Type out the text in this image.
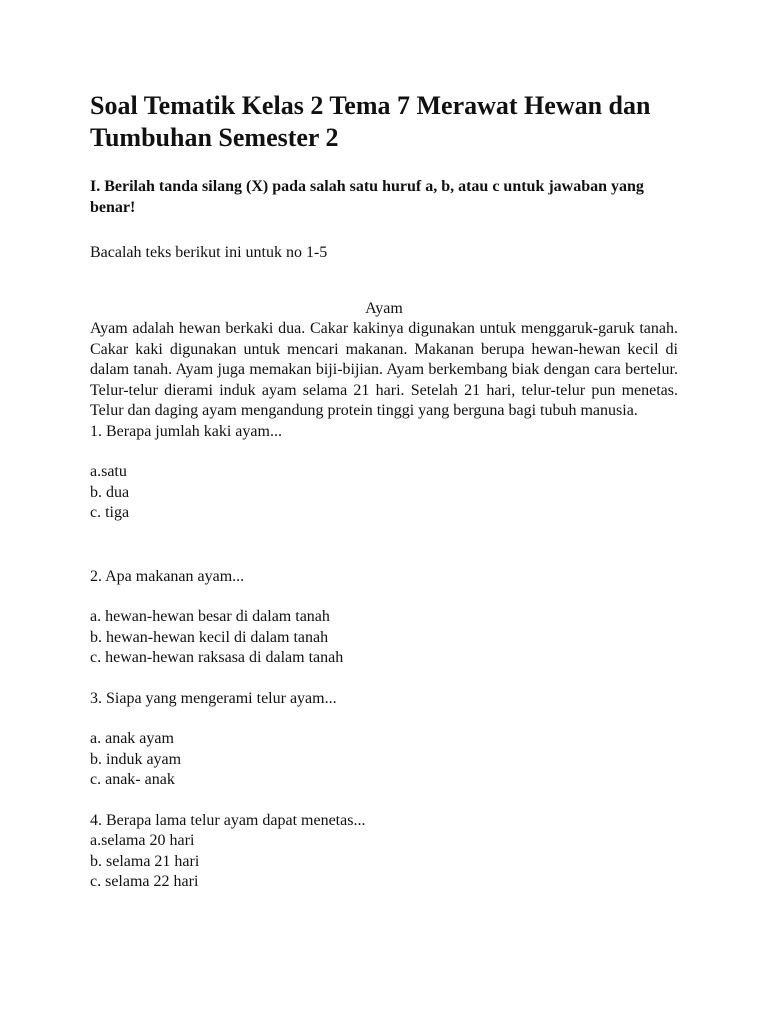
Soal Tematik Kelas 2 Tema 7 Merawat Hewan dan Tumbuhan Semester 2

I. Berilah tanda silang (X) pada salah satu huruf a, b, atau c untuk jawaban yang benar!

Bacalah teks berikut ini untuk no 1-5

Ayam

Ayam adalah hewan berkaki dua. Cakar kakinya digunakan untuk menggaruk-garuk tanah. Cakar kaki digunakan untuk mencari makanan. Makanan berupa hewan-hewan kecil di dalam tanah. Ayam juga memakan biji-bijian. Ayam berkembang biak dengan cara bertelur. Telur-telur dierami induk ayam selama 21 hari. Setelah 21 hari, telur-telur pun menetas. Telur dan daging ayam mengandung protein tinggi yang berguna bagi tubuh manusia.

1. Berapa jumlah kaki ayam...

a.satu
b. dua
c. tiga

2. Apa makanan ayam...

a. hewan-hewan besar di dalam tanah
b. hewan-hewan kecil di dalam tanah
c. hewan-hewan raksasa di dalam tanah

3. Siapa yang mengerami telur ayam...

a. anak ayam
b. induk ayam
c. anak- anak

4. Berapa lama telur ayam dapat menetas...

a.selama 20 hari
b. selama 21 hari
c. selama 22 hari
